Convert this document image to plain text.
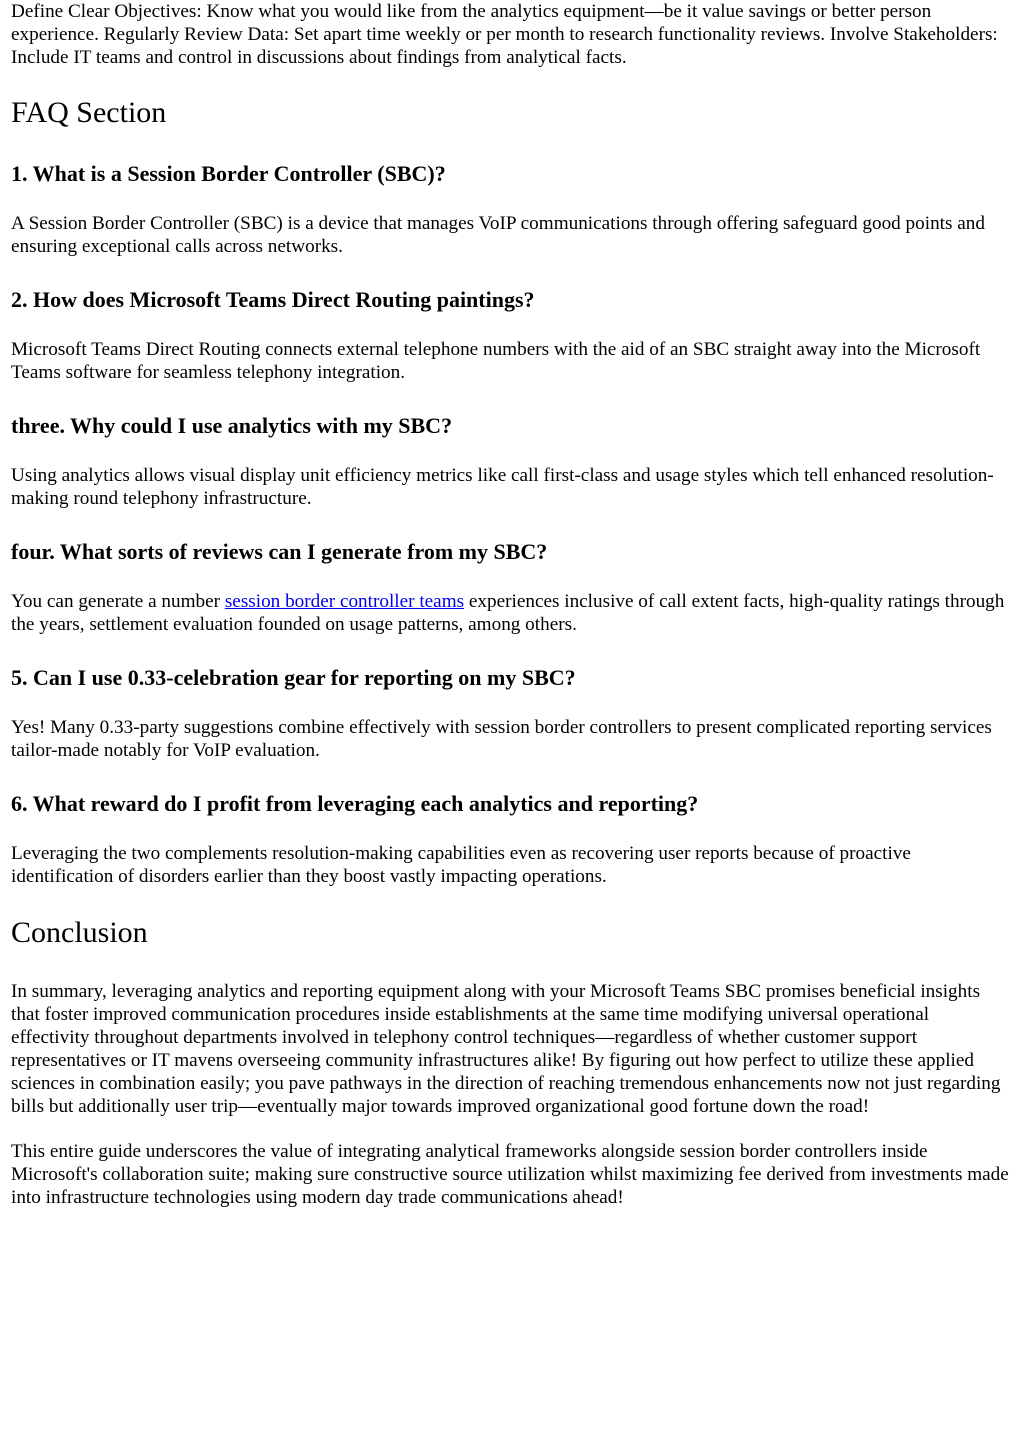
Define Clear Objectives: Know what you would like from the analytics equipment—be it value savings or better person experience. Regularly Review Data: Set apart time weekly or per month to research functionality reviews. Involve Stakeholders: Include IT teams and control in discussions about findings from analytical facts.

FAQ Section
1. What is a Session Border Controller (SBC)?

A Session Border Controller (SBC) is a device that manages VoIP communications through offering safeguard good points and ensuring exceptional calls across networks.

2. How does Microsoft Teams Direct Routing paintings?

Microsoft Teams Direct Routing connects external telephone numbers with the aid of an SBC straight away into the Microsoft Teams software for seamless telephony integration.

three. Why could I use analytics with my SBC?

Using analytics allows visual display unit efficiency metrics like call first-class and usage styles which tell enhanced resolution-making round telephony infrastructure.

four. What sorts of reviews can I generate from my SBC?

You can generate a number session border controller teams experiences inclusive of call extent facts, high-quality ratings through the years, settlement evaluation founded on usage patterns, among others.

5. Can I use 0.33-celebration gear for reporting on my SBC?

Yes! Many 0.33-party suggestions combine effectively with session border controllers to present complicated reporting services tailor-made notably for VoIP evaluation.

6. What reward do I profit from leveraging each analytics and reporting?

Leveraging the two complements resolution-making capabilities even as recovering user reports because of proactive identification of disorders earlier than they boost vastly impacting operations.

Conclusion

In summary, leveraging analytics and reporting equipment along with your Microsoft Teams SBC promises beneficial insights that foster improved communication procedures inside establishments at the same time modifying universal operational effectivity throughout departments involved in telephony control techniques—regardless of whether customer support representatives or IT mavens overseeing community infrastructures alike! By figuring out how perfect to utilize these applied sciences in combination easily; you pave pathways in the direction of reaching tremendous enhancements now not just regarding bills but additionally user trip—eventually major towards improved organizational good fortune down the road!

This entire guide underscores the value of integrating analytical frameworks alongside session border controllers inside Microsoft's collaboration suite; making sure constructive source utilization whilst maximizing fee derived from investments made into infrastructure technologies using modern day trade communications ahead!
